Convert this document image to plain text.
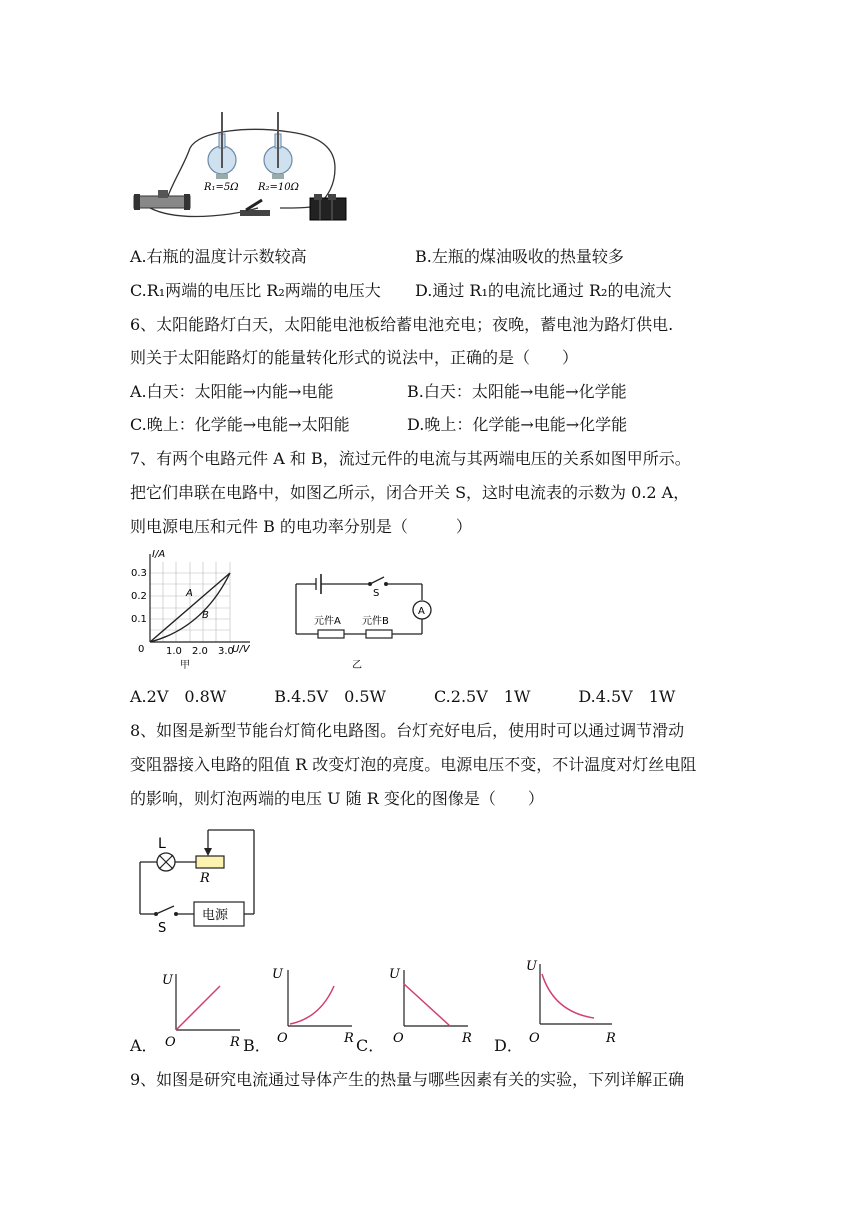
R₁=5Ω R₂=10Ω
A.右瓶的温度计示数较高	B.左瓶的煤油吸收的热量较多
C.R₁两端的电压比 R₂两端的电压大 D.通过 R₁的电流比通过 R₂的电流大
6、太阳能路灯白天，太阳能电池板给蓄电池充电；夜晚，蓄电池为路灯供电.
则关于太阳能路灯的能量转化形式的说法中，正确的是（　　）
A.白天：太阳能→内能→电能	B.白天：太阳能→电能→化学能
C.晚上：化学能→电能→太阳能	D.晚上：化学能→电能→化学能
7、有两个电路元件 A 和 B，流过元件的电流与其两端电压的关系如图甲所示。
把它们串联在电路中，如图乙所示，闭合开关 S，这时电流表的示数为 0.2 A，
则电源电压和元件 B 的电功率分别是（　　　）
I/A
U/V
0.3
0.2
0.1
0 1.0 2.0 3.0
A
B
甲
S
A
元件A 元件B
乙
A.2V　0.8W　　　B.4.5V　0.5W　　　C.2.5V　1W　　　D.4.5V　1W
8、如图是新型节能台灯简化电路图。台灯充好电后，使用时可以通过调节滑动
变阻器接入电路的阻值 R 改变灯泡的亮度。电源电压不变，不计温度对灯丝电阻
的影响，则灯泡两端的电压 U 随 R 变化的图像是（　　）
L
R
电源
S
A．
U
O	R B．
U
O	R C．
U
O	R D．
U
O	R
9、如图是研究电流通过导体产生的热量与哪些因素有关的实验，下列详解正确
